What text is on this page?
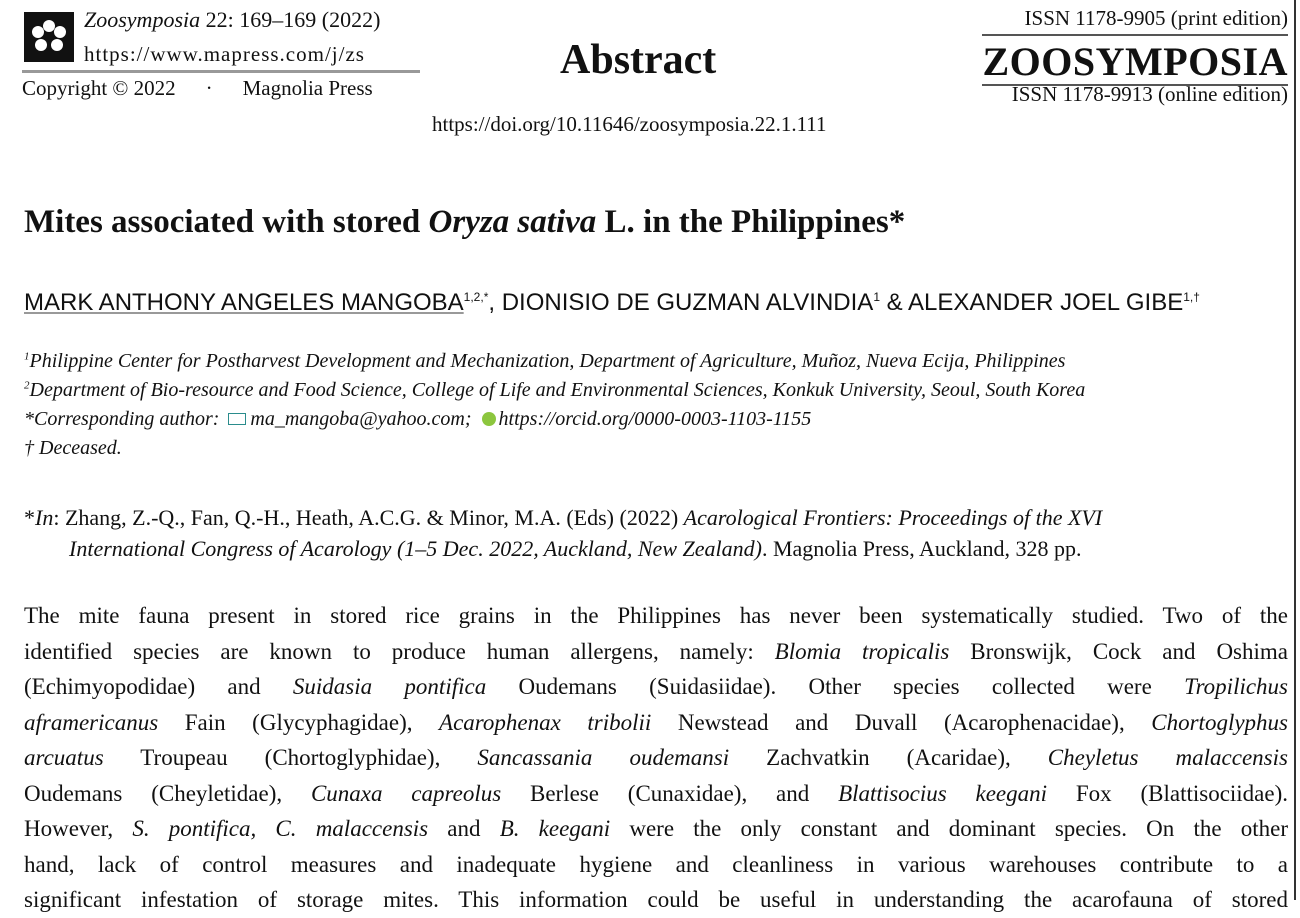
Zoosymposia 22: 169–169 (2022)
https://www.mapress.com/j/zs
Copyright © 2022 · Magnolia Press
Abstract
https://doi.org/10.11646/zoosymposia.22.1.111
ISSN 1178-9905 (print edition)
ZOOSYMPOSIA
ISSN 1178-9913 (online edition)
Mites associated with stored Oryza sativa L. in the Philippines*
MARK ANTHONY ANGELES $MANGOBA^{1,2,*}$, DIONISIO DE GUZMAN ALVINDIA$^1$ & ALEXANDER JOEL $GIBE^{1,\dagger}$
$^1$Philippine Center for Postharvest Development and Mechanization, Department of Agriculture, Muñoz, Nueva Ecija, Philippines
$^2$Department of Bio-resource and Food Science, College of Life and Environmental Sciences, Konkuk University, Seoul, South Korea
*Corresponding author: ma_mangoba@yahoo.com; https://orcid.org/0000-0003-1103-1155
† Deceased.
*In: Zhang, Z.-Q., Fan, Q.-H., Heath, A.C.G. & Minor, M.A. (Eds) (2022) Acarological Frontiers: Proceedings of the XVI
International Congress of Acarology (1–5 Dec. 2022, Auckland, New Zealand). Magnolia Press, Auckland, 328 pp.
The mite fauna present in stored rice grains in the Philippines has never been systematically studied. Two of the
identified species are known to produce human allergens, namely: Blomia tropicalis Bronswijk, Cock and Oshima
(Echimyopodidae) and Suidasia pontifica Oudemans (Suidasiidae). Other species collected were Tropilichus
aframericanus Fain (Glycyphagidae), Acarophenax tribolii Newstead and Duvall (Acarophenacidae), Chortoglyphus
arcuatus Troupeau (Chortoglyphidae), Sancassania oudemansi Zachvatkin (Acaridae), Cheyletus malaccensis
Oudemans (Cheyletidae), Cunaxa capreolus Berlese (Cunaxidae), and Blattisocius keegani Fox (Blattisociidae).
However, S. pontifica, C. malaccensis and B. keegani were the only constant and dominant species. On the other
hand, lack of control measures and inadequate hygiene and cleanliness in various warehouses contribute to a
significant infestation of storage mites. This information could be useful in understanding the acarofauna of stored
